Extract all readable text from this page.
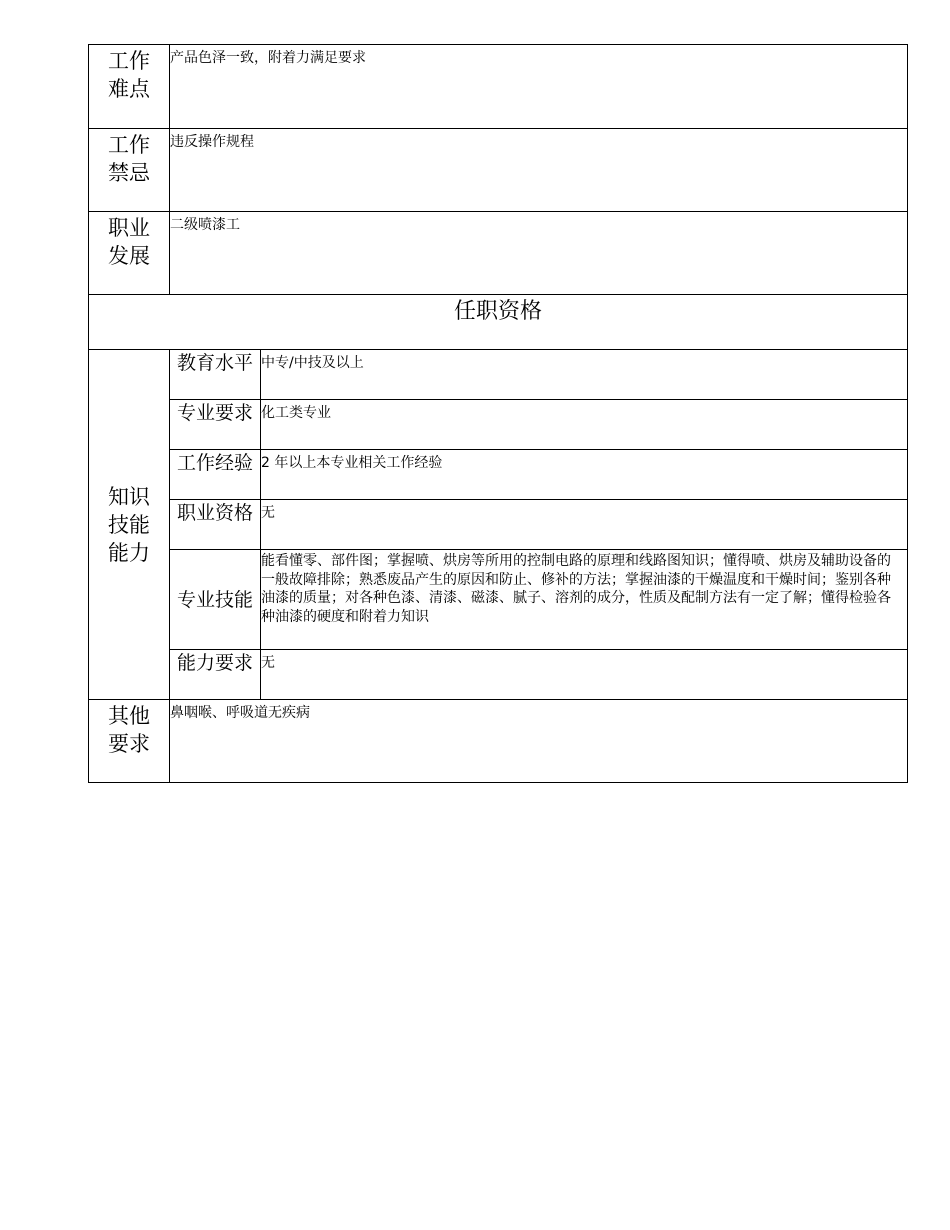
工作难点	产品色泽一致，附着力满足要求	

工作禁忌	违反操作规程	

职业发展	二级喷漆工	
任职资格		

知识技能能力	教育水平	中专/中技及以上
	专业要求	化工类专业
	工作经验	2 年以上本专业相关工作经验
	职业资格	无
	专业技能	能看懂零、部件图；掌握喷、烘房等所用的控制电路的原理和线路图知识；懂得喷、烘房及辅助设备的一般故障排除；熟悉废品产生的原因和防止、修补的方法；掌握油漆的干燥温度和干燥时间；鉴别各种油漆的质量；对各种色漆、清漆、磁漆、腻子、溶剂的成分，性质及配制方法有一定了解；懂得检验各种油漆的硬度和附着力知识
	能力要求	无

其他要求	鼻咽喉、呼吸道无疾病	
